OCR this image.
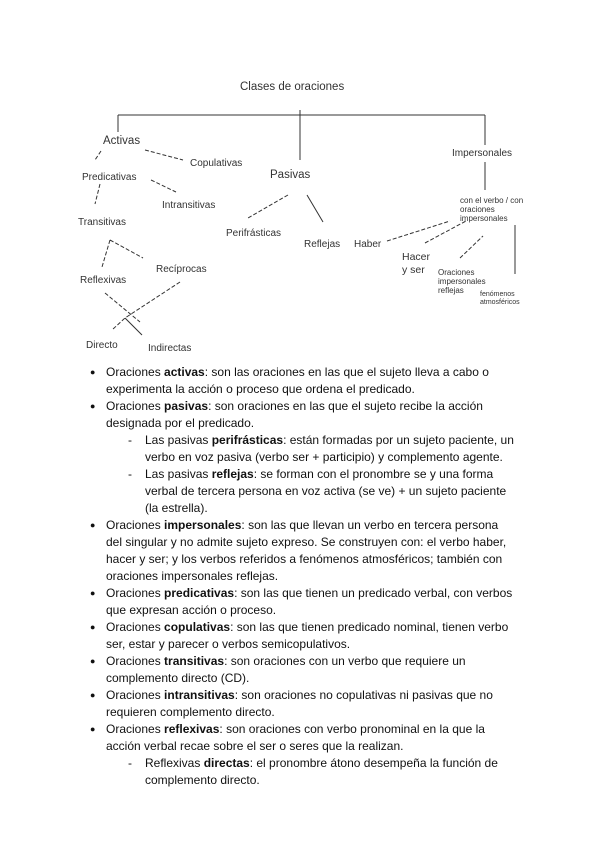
Clases de oraciones
Activas
Copulativas
Predicativas
Intransitivas
Transitivas
Reflexivas
Recíprocas
Directo	Indirectas
Pasivas
Perifrásticas
Reflejas Haber
Impersonales
con el verbo / con oraciones impersonales
Hacer y ser	Oraciones impersonales reflejas	fenómenos atmosféricos
● Oraciones activas: son las oraciones en las que el sujeto lleva a cabo o experimenta la acción o proceso que ordena el predicado.
● Oraciones pasivas: son oraciones en las que el sujeto recibe la acción designada por el predicado.
- Las pasivas perifrásticas: están formadas por un sujeto paciente, un verbo en voz pasiva (verbo ser + participio) y complemento agente.
- Las pasivas reflejas: se forman con el pronombre se y una forma verbal de tercera persona en voz activa (se ve) + un sujeto paciente (la estrella).
● Oraciones impersonales: son las que llevan un verbo en tercera persona del singular y no admite sujeto expreso. Se construyen con: el verbo haber, hacer y ser; y los verbos referidos a fenómenos atmosféricos; también con oraciones impersonales reflejas.
● Oraciones predicativas: son las que tienen un predicado verbal, con verbos que expresan acción o proceso.
● Oraciones copulativas: son las que tienen predicado nominal, tienen verbo ser, estar y parecer o verbos semicopulativos.
● Oraciones transitivas: son oraciones con un verbo que requiere un complemento directo (CD).
● Oraciones intransitivas: son oraciones no copulativas ni pasivas que no requieren complemento directo.
● Oraciones reflexivas: son oraciones con verbo pronominal en la que la acción verbal recae sobre el ser o seres que la realizan.
- Reflexivas directas: el pronombre átono desempeña la función de complemento directo.
